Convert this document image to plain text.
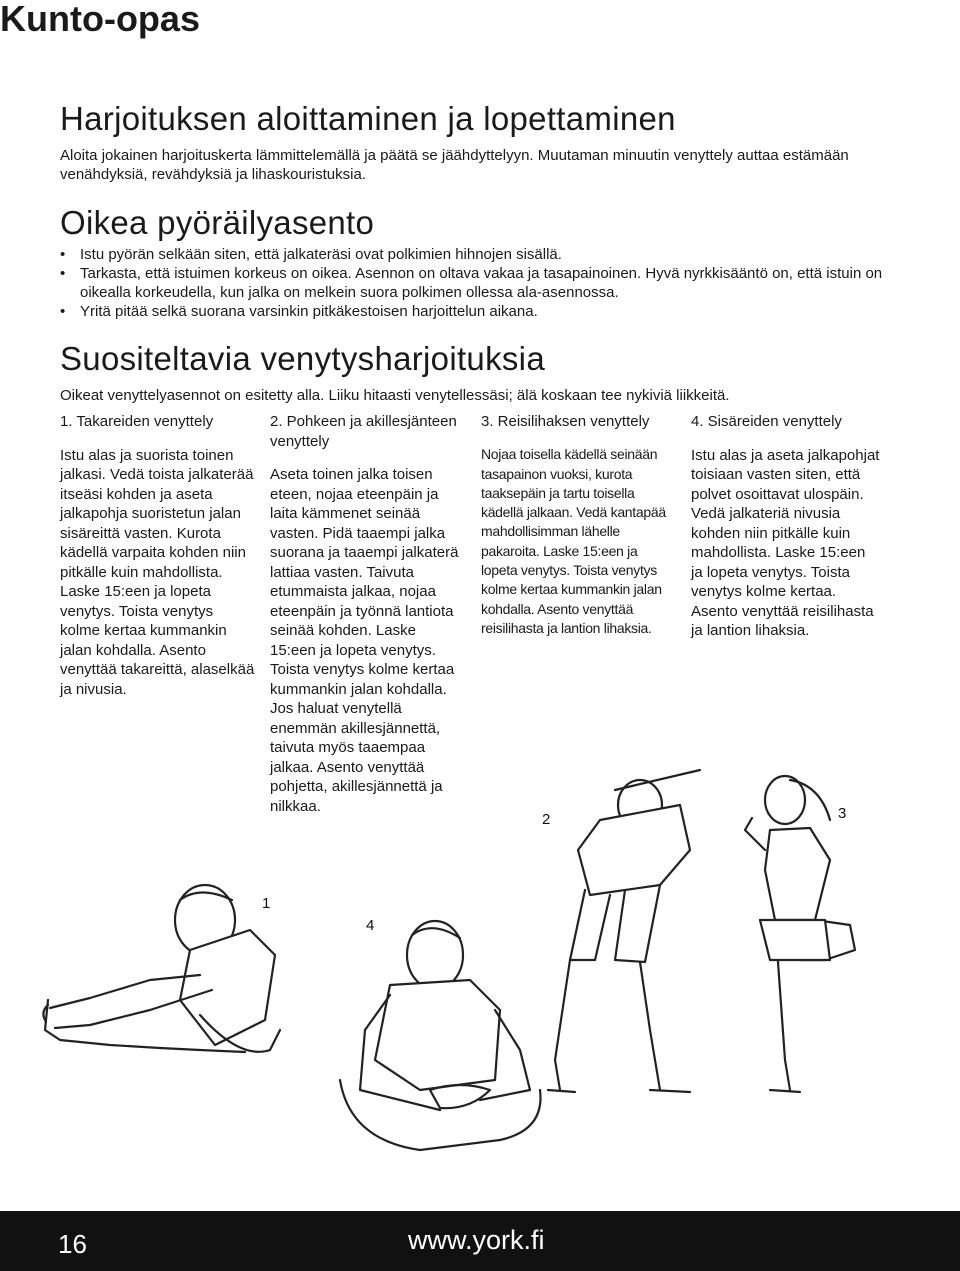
Kunto-opas
Harjoituksen aloittaminen ja lopettaminen
Aloita jokainen harjoituskerta lämmittelemällä ja päätä se jäähdyttelyyn. Muutaman minuutin venyttely auttaa estämään venähdyksiä, revähdyksiä ja lihaskouristuksia.
Oikea pyöräilyasento
• Istu pyörän selkään siten, että jalkateräsi ovat polkimien hihnojen sisällä.
• Tarkasta, että istuimen korkeus on oikea. Asennon on oltava vakaa ja tasapainoinen. Hyvä nyrkkisääntö on, että istuin on oikealla korkeudella, kun jalka on melkein suora polkimen ollessa ala-asennossa.
• Yritä pitää selkä suorana varsinkin pitkäkestoisen harjoittelun aikana.
Suositeltavia venytysharjoituksia
Oikeat venyttelyasennot on esitetty alla. Liiku hitaasti venytellessäsi; älä koskaan tee nykiviä liikkeitä.
1. Takareiden venyttely
Istu alas ja suorista toinen jalkasi. Vedä toista jalkaterää itseäsi kohden ja aseta jalkapohja suoristetun jalan sisäreittä vasten. Kurota kädellä varpaita kohden niin pitkälle kuin mahdollista. Laske 15:een ja lopeta venytys. Toista venytys kolme kertaa kummankin jalan kohdalla. Asento venyttää takareittä, alaselkää ja nivusia.
2. Pohkeen ja akillesjänteen venyttely
Aseta toinen jalka toisen eteen, nojaa eteenpäin ja laita kämmenet seinää vasten. Pidä taaempi jalka suorana ja taaempi jalkaterä lattiaa vasten. Taivuta etummaista jalkaa, nojaa eteenpäin ja työnnä lantiota seinää kohden. Laske 15:een ja lopeta venytys. Toista venytys kolme kertaa kummankin jalan kohdalla. Jos haluat venytellä enemmän akillesjännettä, taivuta myös taaempaa jalkaa. Asento venyttää pohjetta, akillesjännettä ja nilkkaa.
3. Reisilihaksen venyttely
Nojaa toisella kädellä seinään tasapainon vuoksi, kurota taaksepäin ja tartu toisella kädellä jalkaan. Vedä kantapää mahdollisimman lähelle pakaroita. Laske 15:een ja lopeta venytys. Toista venytys kolme kertaa kummankin jalan kohdalla. Asento venyttää reisilihasta ja lantion lihaksia.
4. Sisäreiden venyttely
Istu alas ja aseta jalkapohjat toisiaan vasten siten, että polvet osoittavat ulospäin. Vedä jalkateriä nivusia kohden niin pitkälle kuin mahdollista. Laske 15:een ja lopeta venytys. Toista venytys kolme kertaa. Asento venyttää reisilihasta ja lantion lihaksia.
1
4
2	3
16	www.york.fi
